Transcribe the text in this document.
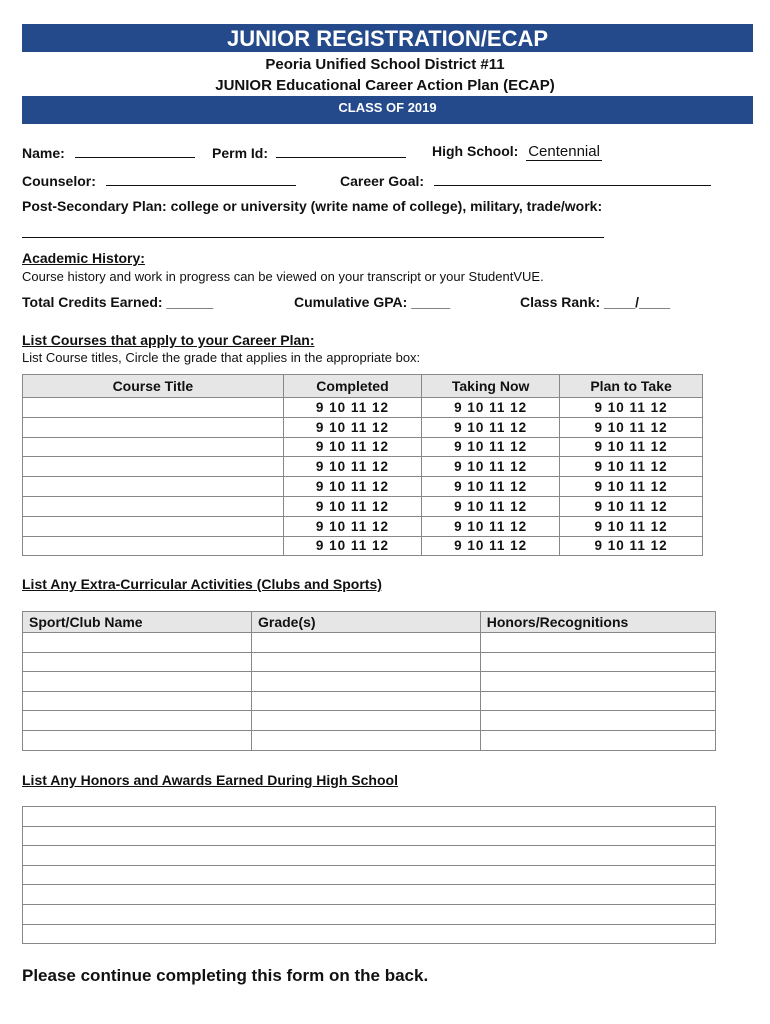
JUNIOR REGISTRATION/ECAP
Peoria Unified School District #11
JUNIOR Educational Career Action Plan (ECAP)
CLASS OF 2019
Name:	Perm Id:	High School: Centennial
Counselor:	Career Goal:
Post-Secondary Plan: college or university (write name of college), military, trade/work:
Academic History:
Course history and work in progress can be viewed on your transcript or your StudentVUE.
Total Credits Earned: ______	Cumulative GPA: _____	Class Rank: ____/____
List Courses that apply to your Career Plan:
List Course titles, Circle the grade that applies in the appropriate box:
Course Title	Completed	Taking Now	Plan to Take
	9 10 11 12	9 10 11 12	9 10 11 12
	9 10 11 12	9 10 11 12	9 10 11 12
	9 10 11 12	9 10 11 12	9 10 11 12
	9 10 11 12	9 10 11 12	9 10 11 12
	9 10 11 12	9 10 11 12	9 10 11 12
	9 10 11 12	9 10 11 12	9 10 11 12
	9 10 11 12	9 10 11 12	9 10 11 12
	9 10 11 12	9 10 11 12	9 10 11 12
List Any Extra-Curricular Activities (Clubs and Sports)
Sport/Club Name	Grade(s)	Honors/Recognitions

List Any Honors and Awards Earned During High School

Please continue completing this form on the back.
